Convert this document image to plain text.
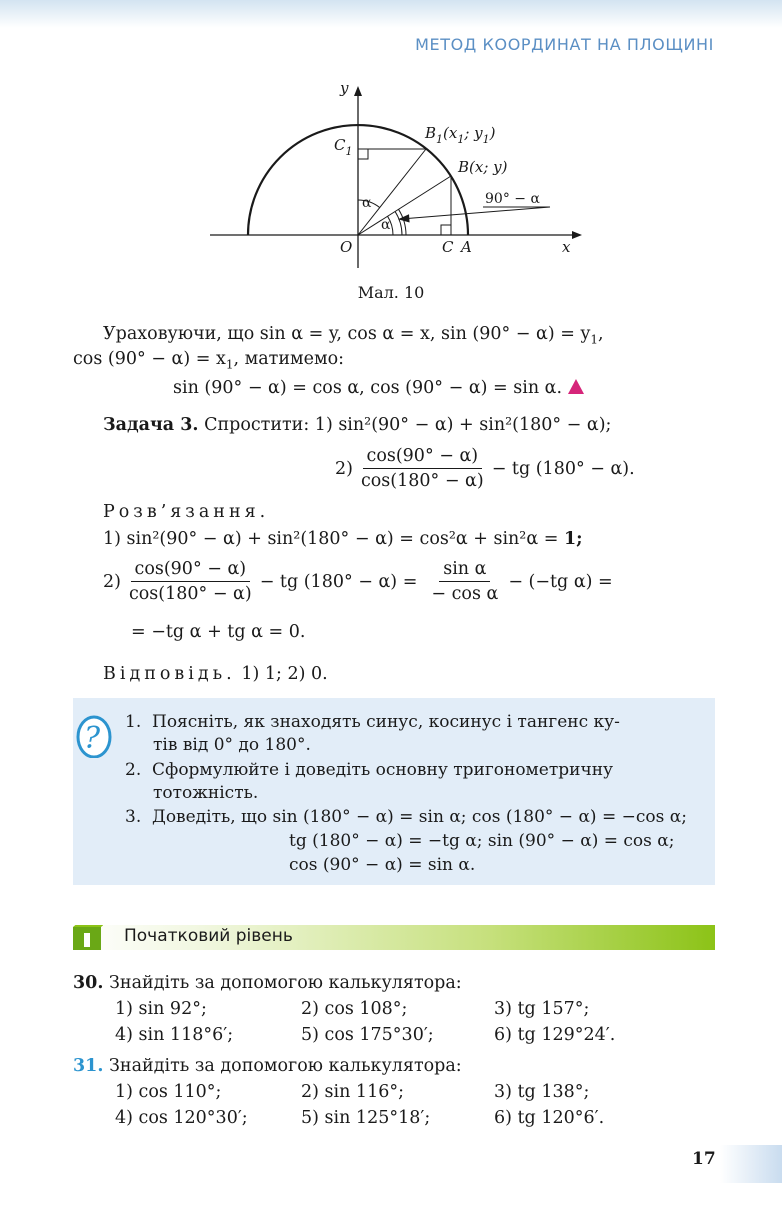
МЕТОД КООРДИНАТ НА ПЛОЩИНІ
y
x
O
$C_1$
$B_1(x_1$; $y_1$)
B(x; y)
90° − α
α
α
C A
Мал. 10
Ураховуючи, що sin α = y, cos α = x, $\sin (90^\circ - \alpha) = y_1$,
$\cos (90^\circ - \alpha) = x_1$, матимемо:
sin (90° − α) = cos α, cos (90° − α) = sin α.
Задача 3. Спростити: 1) sin²(90° − α) + sin²(180° − α);
$2) \frac{\cos(90^\circ - \alpha)}{\cos(180^\circ - \alpha)}$ − tg (180° − α).
Розв’язання.
1) sin²(90° − α) + sin²(180° − α) = cos²α + sin²α = 1;
$2) \frac{\cos(90^\circ - \alpha)}{\cos(180^\circ - \alpha)}$ − tg $(180^\circ - \alpha) = \frac{\text{sin α}}{\text{− cos α}} - (-tg$ α) =
= −tg α + tg α = 0.
Відповідь. 1) 1; 2) 0.
? 1. Поясніть, як знаходять синус, косинус і тангенс ку-
тів від 0° до 180°.
2. Сформулюйте і доведіть основну тригонометричну
тотожність.
3. Доведіть, що sin (180° − α) = sin α; cos (180° − α) = −cos α;
tg (180° − α) = −tg α; sin (90° − α) = cos α;
cos (90° − α) = sin α.
Початковий рівень
30. Знайдіть за допомогою калькулятора:
1) sin 92°;	2) cos 108°;	3) tg 157°;
4) sin 118°6′;	5) cos 175°30′;	6) tg 129°24′.
31. Знайдіть за допомогою калькулятора:
1) cos 110°;	2) sin 116°;	3) tg 138°;
4) cos 120°30′;	5) sin 125°18′;	6) tg 120°6′.
17
